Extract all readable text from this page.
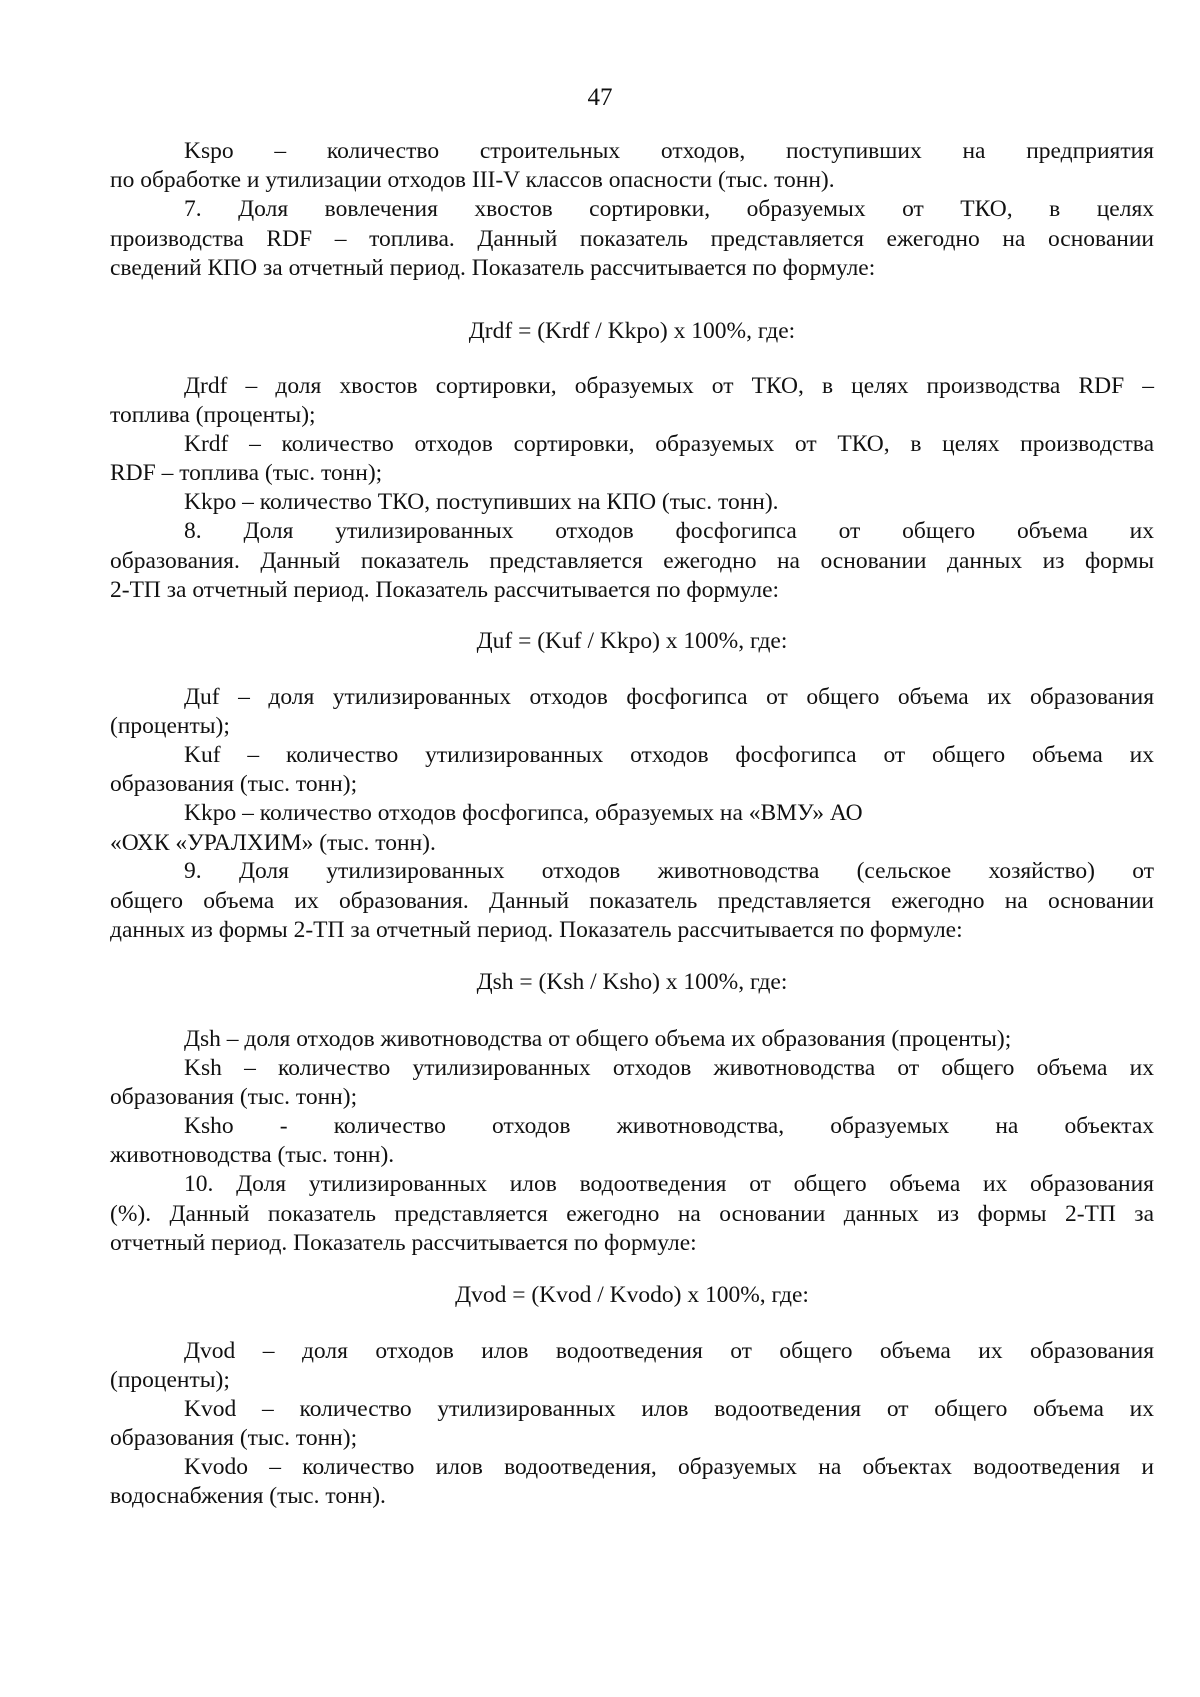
47

Kspo – количество строительных отходов, поступивших на предприятия

по обработке и утилизации отходов III-V классов опасности (тыс. тонн).

7. Доля вовлечения хвостов сортировки, образуемых от ТКО, в целях

производства RDF – топлива. Данный показатель представляется ежегодно на основании

сведений КПО за отчетный период. Показатель рассчитывается по формуле:

Дrdf = (Krdf / Kkpo) x 100%, где:

Дrdf – доля хвостов сортировки, образуемых от ТКО, в целях производства RDF –

топлива (проценты);

Krdf – количество отходов сортировки, образуемых от ТКО, в целях производства

RDF – топлива (тыс. тонн);

Kkpo – количество ТКО, поступивших на КПО (тыс. тонн).

8. Доля утилизированных отходов фосфогипса от общего объема их

образования. Данный показатель представляется ежегодно на основании данных из формы

2-ТП за отчетный период. Показатель рассчитывается по формуле:

Дuf = (Kuf / Kkpo) x 100%, где:

Дuf – доля утилизированных отходов фосфогипса от общего объема их образования

(проценты);

Kuf – количество утилизированных отходов фосфогипса от общего объема их

образования (тыс. тонн);

Kkpo – количество отходов фосфогипса, образуемых на «ВМУ» АО

«ОХК «УРАЛХИМ» (тыс. тонн).

9. Доля утилизированных отходов животноводства (сельское хозяйство) от

общего объема их образования. Данный показатель представляется ежегодно на основании

данных из формы 2-ТП за отчетный период. Показатель рассчитывается по формуле:

Дsh = (Ksh / Ksho) x 100%, где:

Дsh – доля отходов животноводства от общего объема их образования (проценты);

Ksh – количество утилизированных отходов животноводства от общего объема их

образования (тыс. тонн);

Ksho - количество отходов животноводства, образуемых на объектах

животноводства (тыс. тонн).

10. Доля утилизированных илов водоотведения от общего объема их образования

(%). Данный показатель представляется ежегодно на основании данных из формы 2-ТП за

отчетный период. Показатель рассчитывается по формуле:

Дvod = (Kvod / Kvodo) x 100%, где:

Дvod – доля отходов илов водоотведения от общего объема их образования

(проценты);

Kvod – количество утилизированных илов водоотведения от общего объема их

образования (тыс. тонн);

Kvodo – количество илов водоотведения, образуемых на объектах водоотведения и

водоснабжения (тыс. тонн).
